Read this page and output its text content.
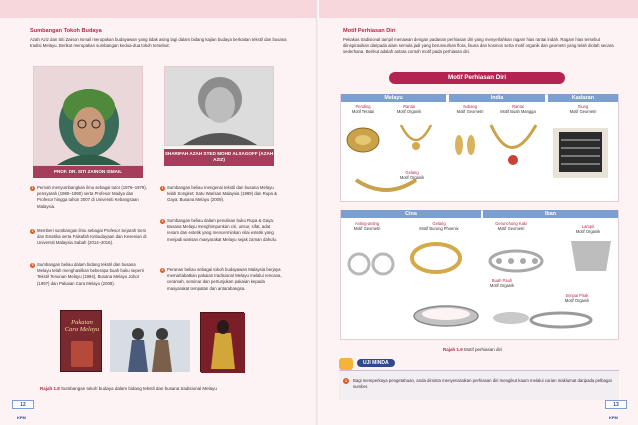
Sumbangan Tokoh Budaya
Azah Aziz dan Siti Zainon Ismail merupakan budayawan yang tidak asing lagi dalam bidang kajian budaya berkaitan tekstil dan busana tradisi Melayu. Berikut merupakan sumbangan kedua-dua tokoh tersebut:
PROF. DR. SITI ZAINON ISMAIL
SHARIFAH AZAH SYED MOHD ALSAGOFF (AZAH AZIZ)
1 Pernah menyumbangkan ilmu sebagai tutor (1976–1979), pensyarah (1980–1990) serta Profesor Madya dan Profesor hingga tahun 2007 di Universiti Kebangsaan Malaysia.
2 Memberi sumbangan ilmu sebagai Profesor Sejarah Seni dan Estetika serta Falsafah Kebudayaan dan Kesenian di Universiti Malaysia Sabah (2014–2016).
3 Sumbangan beliau dalam bidang tekstil dan busana Melayu telah menghasilkan beberapa buah buku seperti Tekstil Tenunan Melayu (1994), Busana Melayu Johor (1997) dan Pakaian Cara Melayu (2009).
1 Sumbangan beliau mengenai tekstil dan busana Melayu telah Songket: Satu Warisan Malaysia (1999) dan Rupa & Gaya: Busana Melayu (2009).
2 Sumbangan beliau dalam penulisan buku Rupa & Gaya: Busana Melayu menghimpunkan ciri, unsur, sifat, adat resam dan estetik yang mencerminkan nilai estetik yang menjadi warisan masyarakat Melayu sejak zaman dahulu.
3 Peranan beliau sebagai tokoh budayawan Malaysia berjaya memartabatkan pakaian tradisional Melayu melalui rencana, ceramah, seminar dan pertunjukan pakaian kepada masyarakat tempatan dan antarabangsa.
Pakaian Cara Melayu
Rajah 1.8 Sumbangan tokoh budaya dalam bidang tekstil dan busana tradisional Melayu
12
KPM
Motif Perhiasan Diri
Pekakas tradisional tampil menawan dengan padanan perhiasan diri yang menyerlahkan ragam hias rantai indah. Ragam hias tersebut diinspirasikan daripada alam semula jadi yang berunsurkan flora, fauna dan kosmos serta motif organik dan geometri yang telah diolah secara sederhana. Berikut adalah antara contoh motif pada perhiasan diri.
Motif Perhiasan Diri
Melayu	India	Kadazan
Pending
Motif Teratai
Rantai
Motif Organik
Subang
Motif Geometri
Rantai
Motif Buah Mangga
Siung
Motif Geometri
Gelang
Motif Organik
Cina	Iban
Anting-anting
Motif Geometri
Gelang
Motif Burung Phoenix
Gerunchung Kaki
Motif Geometri	Lampit
Motif Organik
Buah Pauh
Motif Organik
Simpai Pirak
Motif Organik
Rajah 1.9 Motif perhiasan diri
UJI MINDA
1	Bagi memperkaya pengetahuan, anda diminta menyenaraikan perhiasan diri mengikut kaum melalui carian maklumat daripada pelbagai sumber.
13
KPM
